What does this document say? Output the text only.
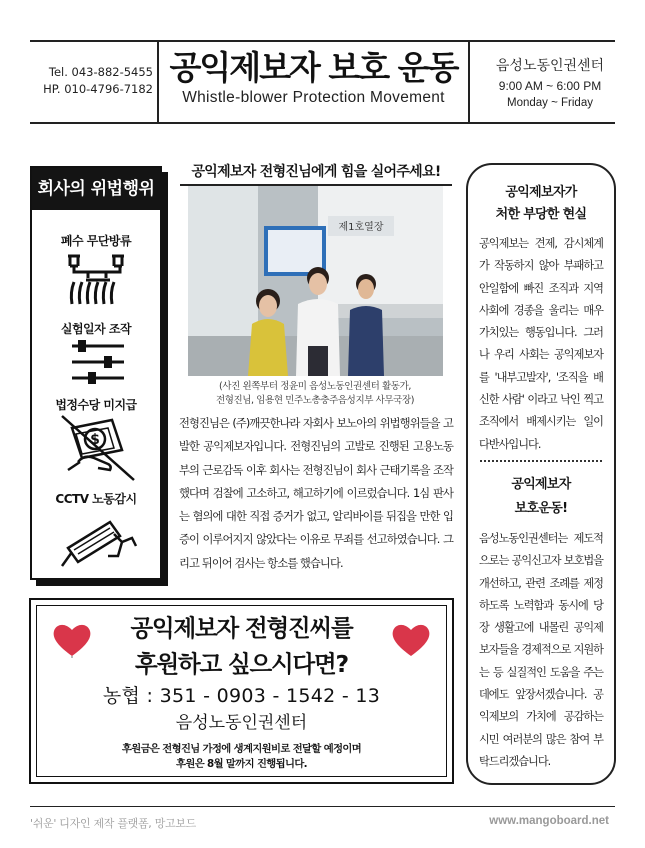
Tel. 043-882-5455
HP. 010-4796-7182
공익제보자 보호 운동
Whistle-blower Protection Movement
음성노동인권센터
9:00 AM ~ 6:00 PM
Monday ~ Friday
회사의 위법행위
폐수 무단방류
실험일자 조작
법정수당 미지급
$
CCTV 노동감시
공익제보자 전형진님에게 힘을 실어주세요!
제1호열장
(사진 왼쪽부터 정윤미 음성노동인권센터 활동가,
전형진님, 임용현 민주노총충주음성지부 사무국장)
전형진님은 (주)깨끗한나라 자회사 보노아의 위법행위들을 고발한 공익제보자입니다. 전형진님의 고발로 진행된 고용노동부의 근로감독 이후 회사는 전형진님이 회사 근태기록을 조작했다며 검찰에 고소하고, 해고하기에 이르렀습니다. 1심 판사는 혐의에 대한 직접 증거가 없고, 알리바이를 뒤집을 만한 입증이 이루어지지 않았다는 이유로 무죄를 선고하였습니다. 그리고 뒤이어 검사는 항소를 했습니다.
공익제보자가
처한 부당한 현실
공익제보는 견제, 감시체계가 작동하지 않아 부패하고 안일함에 빠진 조직과 지역사회에 경종을 울리는 매우 가치있는 행동입니다. 그러나 우리 사회는 공익제보자를 '내부고발자', '조직을 배신한 사람' 이라고 낙인 찍고 조직에서 배제시키는 일이 다반사입니다.
공익제보자
보호운동!
음성노동인권센터는 제도적으로는 공익신고자 보호법을 개선하고, 관련 조례를 제정하도록 노력함과 동시에 당장 생활고에 내몰린 공익제보자들을 경제적으로 지원하는 등 실질적인 도움을 주는 데에도 앞장서겠습니다. 공익제보의 가치에 공감하는 시민 여러분의 많은 참여 부탁드리겠습니다.
공익제보자 전형진씨를
후원하고 싶으시다면?
농협 : 351 - 0903 - 1542 - 13
음성노동인권센터
후원금은 전형진님 가정에 생계지원비로 전달할 예정이며
후원은 8월 말까지 진행됩니다.
'쉬운' 디자인 제작 플랫폼, 망고보드	www.mangoboard.net
